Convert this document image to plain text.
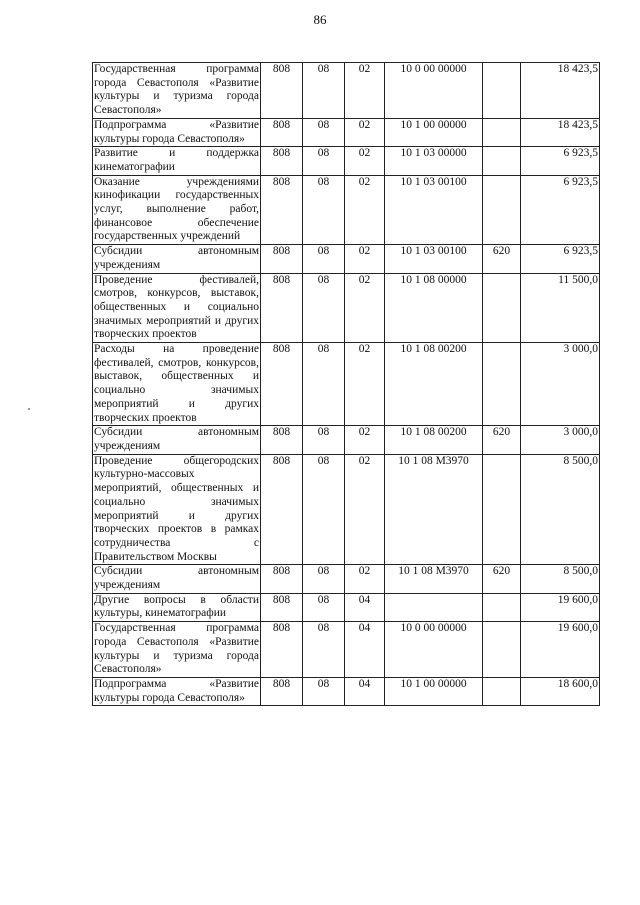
86
Государственная программа города Севастополя «Развитие культуры и туризма города Севастополя»	808	08	02	10 0 00 00000		18 423,5
Подпрограмма «Развитие культуры города Севастополя»	808	08	02	10 1 00 00000		18 423,5
Развитие и поддержка кинематографии	808	08	02	10 1 03 00000		6 923,5
Оказание учреждениями кинофикации государственных услуг, выполнение работ, финансовое обеспечение государственных учреждений	808	08	02	10 1 03 00100		6 923,5
Субсидии автономным учреждениям	808	08	02	10 1 03 00100	620	6 923,5
Проведение фестивалей, смотров, конкурсов, выставок, общественных и социально значимых мероприятий и других творческих проектов	808	08	02	10 1 08 00000		11 500,0
Расходы на проведение фестивалей, смотров, конкурсов, выставок, общественных и социально значимых мероприятий и других творческих проектов	808	08	02	10 1 08 00200		3 000,0
Субсидии автономным учреждениям	808	08	02	10 1 08 00200	620	3 000,0
Проведение общегородских культурно-массовых мероприятий, общественных и социально значимых мероприятий и других творческих проектов в рамках сотрудничества с Правительством Москвы	808	08	02	10 1 08 М3970		8 500,0
Субсидии автономным учреждениям	808	08	02	10 1 08 М3970	620	8 500,0
Другие вопросы в области культуры, кинематографии	808	08	04			19 600,0
Государственная программа города Севастополя «Развитие культуры и туризма города Севастополя»	808	08	04	10 0 00 00000		19 600,0
Подпрограмма «Развитие культуры города Севастополя»	808	08	04	10 1 00 00000		18 600,0
